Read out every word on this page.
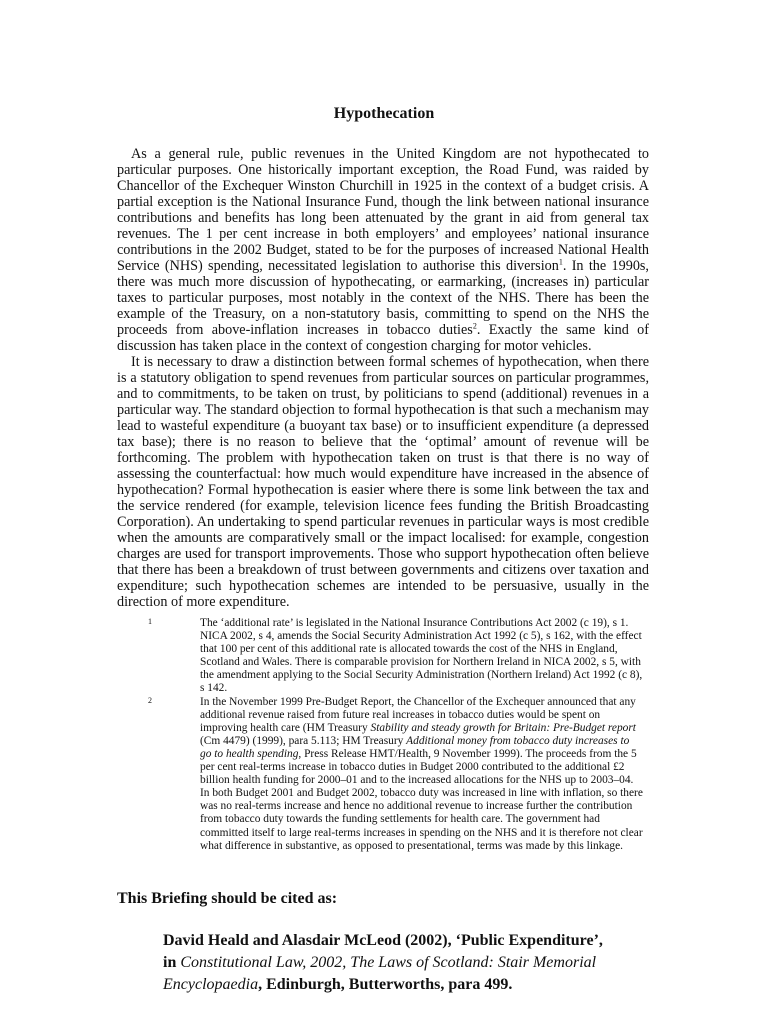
Hypothecation

As a general rule, public revenues in the United Kingdom are not hypothecated to particular purposes. One historically important exception, the Road Fund, was raided by Chancellor of the Exchequer Winston Churchill in 1925 in the context of a budget crisis. A partial exception is the National Insurance Fund, though the link between national insurance contributions and benefits has long been attenuated by the grant in aid from general tax revenues. The 1 per cent increase in both employers’ and employees’ national insurance contributions in the 2002 Budget, stated to be for the purposes of increased National Health Service (NHS) spending, necessitated legislation to authorise this diversion$^1$. In the 1990s, there was much more discussion of hypothecating, or earmarking, (increases in) particular taxes to particular purposes, most notably in the context of the NHS. There has been the example of the Treasury, on a non-statutory basis, committing to spend on the NHS the proceeds from above-inflation increases in tobacco duties$^2$. Exactly the same kind of discussion has taken place in the context of congestion charging for motor vehicles.

It is necessary to draw a distinction between formal schemes of hypothecation, when there is a statutory obligation to spend revenues from particular sources on particular programmes, and to commitments, to be taken on trust, by politicians to spend (additional) revenues in a particular way. The standard objection to formal hypothecation is that such a mechanism may lead to wasteful expenditure (a buoyant tax base) or to insufficient expenditure (a depressed tax base); there is no reason to believe that the ‘optimal’ amount of revenue will be forthcoming. The problem with hypothecation taken on trust is that there is no way of assessing the counterfactual: how much would expenditure have increased in the absence of hypothecation? Formal hypothecation is easier where there is some link between the tax and the service rendered (for example, television licence fees funding the British Broadcasting Corporation). An undertaking to spend particular revenues in particular ways is most credible when the amounts are comparatively small or the impact localised: for example, congestion charges are used for transport improvements. Those who support hypothecation often believe that there has been a breakdown of trust between governments and citizens over taxation and expenditure; such hypothecation schemes are intended to be persuasive, usually in the direction of more expenditure.

1	The ‘additional rate’ is legislated in the National Insurance Contributions Act 2002 (c 19), s 1. NICA 2002, s 4, amends the Social Security Administration Act 1992 (c 5), s 162, with the effect that 100 per cent of this additional rate is allocated towards the cost of the NHS in England, Scotland and Wales. There is comparable provision for Northern Ireland in NICA 2002, s 5, with the amendment applying to the Social Security Administration (Northern Ireland) Act 1992 (c 8), s 142.
2	In the November 1999 Pre-Budget Report, the Chancellor of the Exchequer announced that any additional revenue raised from future real increases in tobacco duties would be spent on improving health care (HM Treasury Stability and steady growth for Britain: Pre-Budget report (Cm 4479) (1999), para 5.113; HM Treasury Additional money from tobacco duty increases to go to health spending, Press Release HMT/Health, 9 November 1999). The proceeds from the 5 per cent real-terms increase in tobacco duties in Budget 2000 contributed to the additional £2 billion health funding for 2000–01 and to the increased allocations for the NHS up to 2003–04. In both Budget 2001 and Budget 2002, tobacco duty was increased in line with inflation, so there was no real-terms increase and hence no additional revenue to increase further the contribution from tobacco duty towards the funding settlements for health care. The government had committed itself to large real-terms increases in spending on the NHS and it is therefore not clear what difference in substantive, as opposed to presentational, terms was made by this linkage.
This Briefing should be cited as:
David Heald and Alasdair McLeod (2002), ‘Public Expenditure’,
in Constitutional Law, 2002, The Laws of Scotland: Stair Memorial Encyclopaedia, Edinburgh, Butterworths, para 499.
